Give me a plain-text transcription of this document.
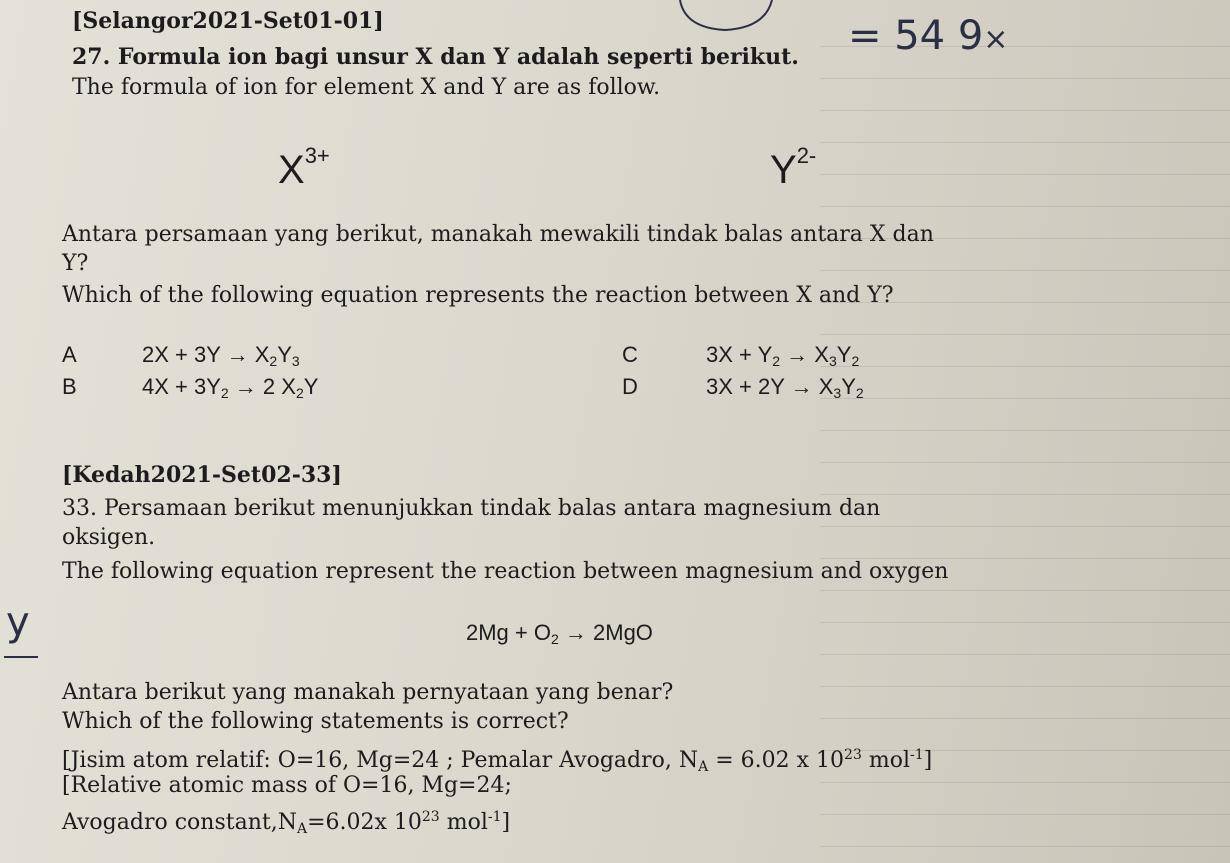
= 54 9×
y
[Selangor2021-Set01-01]
27. Formula ion bagi unsur X dan Y adalah seperti berikut.
The formula of ion for element X and Y are as follow.
$X^{3+}$	$Y^{2-}$
Antara persamaan yang berikut, manakah mewakili tindak balas antara X dan
Y?
Which of the following equation represents the reaction between X and Y?
A	$2X + 3Y \to X_2Y_3$
B	$4X + 3Y_2 \to 2$ $X_2Y$
C	$3X + Y_2 \to X_3Y_2$
D	$3X + 2Y \to X_3Y_2$
[Kedah2021-Set02-33]
33. Persamaan berikut menunjukkan tindak balas antara magnesium dan
oksigen.
The following equation represent the reaction between magnesium and oxygen
$2Mg + O_2 \to 2MgO$
Antara berikut yang manakah pernyataan yang benar?
Which of the following statements is correct?
[Jisim atom relatif: O=16, Mg=24 ; Pemalar Avogadro, $N_A = 6.02$ x $10^{23}$ mol$^{-1}$]
[Relative atomic mass of O=16, Mg=24;
Avogadro $constant,N_A=6.02x$ $10^{23}$ mol$^{-1}$]
